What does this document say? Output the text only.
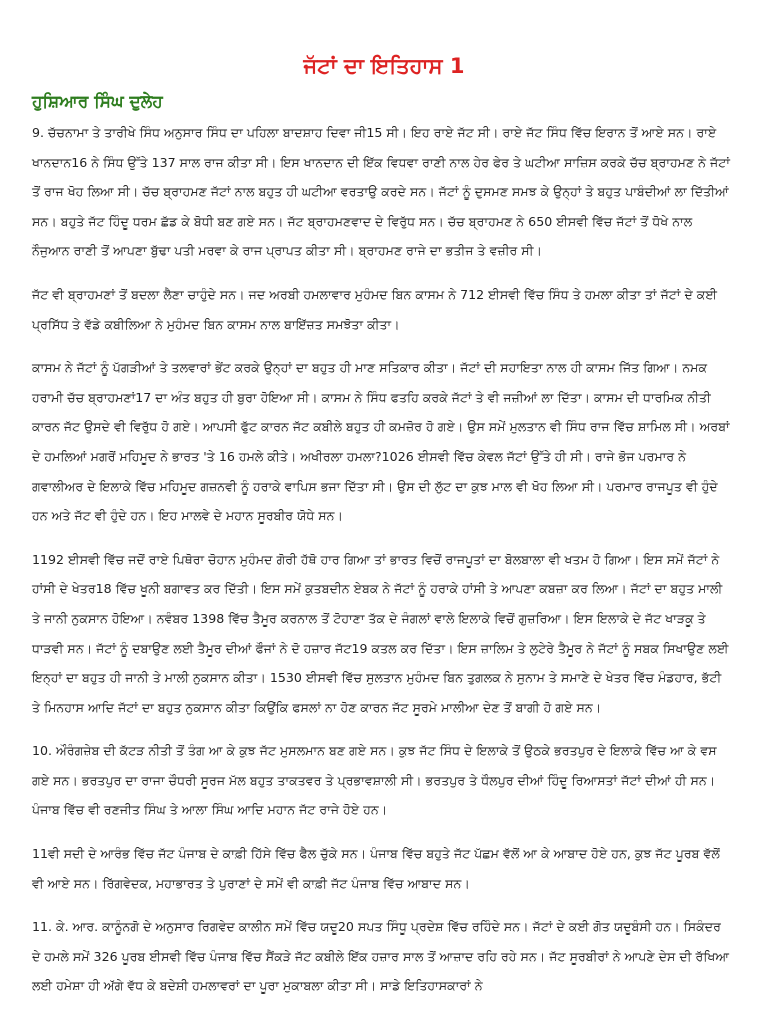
ਜੱਟਾਂ ਦਾ ਇਤਿਹਾਸ 1
ਹੁਸ਼ਿਆਰ ਸਿੰਘ ਦੁਲੇਹ

9. ਚੱਚਨਾਮਾ ਤੇ ਤਾਰੀਖੇ ਸਿੰਧ ਅਨੁਸਾਰ ਸਿੰਧ ਦਾ ਪਹਿਲਾ ਬਾਦਸ਼ਾਹ ਦਿਵਾ ਜੀ15 ਸੀ। ਇਹ ਰਾਏ ਜੱਟ ਸੀ। ਰਾਏ ਜੱਟ ਸਿੰਧ ਵਿੱਚ ਇਰਾਨ ਤੋਂ ਆਏ ਸਨ। ਰਾਏ ਖਾਨਦਾਨ16 ਨੇ ਸਿੰਧ ਉੱਤੇ 137 ਸਾਲ ਰਾਜ ਕੀਤਾ ਸੀ। ਇਸ ਖਾਨਦਾਨ ਦੀ ਇੱਕ ਵਿਧਵਾ ਰਾਣੀ ਨਾਲ ਹੇਰ ਫੇਰ ਤੇ ਘਟੀਆ ਸਾਜ਼ਿਸ ਕਰਕੇ ਚੱਚ ਬ੍ਰਾਹਮਣ ਨੇ ਜੱਟਾਂ ਤੋਂ ਰਾਜ ਖੋਹ ਲਿਆ ਸੀ। ਚੱਚ ਬ੍ਰਾਹਮਣ ਜੱਟਾਂ ਨਾਲ ਬਹੁਤ ਹੀ ਘਟੀਆ ਵਰਤਾਉ ਕਰਦੇ ਸਨ। ਜੱਟਾਂ ਨੂੰ ਦੁਸਮਣ ਸਮਝ ਕੇ ਉਨ੍ਹਾਂ ਤੇ ਬਹੁਤ ਪਾਬੰਦੀਆਂ ਲਾ ਦਿੱਤੀਆਂ ਸਨ। ਬਹੁਤੇ ਜੱਟ ਹਿੰਦੂ ਧਰਮ ਛੱਡ ਕੇ ਬੋਧੀ ਬਣ ਗਏ ਸਨ। ਜੱਟ ਬ੍ਰਾਹਮਣਵਾਦ ਦੇ ਵਿਰੁੱਧ ਸਨ। ਚੱਚ ਬ੍ਰਾਹਮਣ ਨੇ 650 ਈਸਵੀ ਵਿੱਚ ਜੱਟਾਂ ਤੋਂ ਧੋਖੇ ਨਾਲ ਨੌਜੁਆਨ ਰਾਣੀ ਤੋਂ ਆਪਣਾ ਬੁੱਢਾ ਪਤੀ ਮਰਵਾ ਕੇ ਰਾਜ ਪ੍ਰਾਪਤ ਕੀਤਾ ਸੀ। ਬ੍ਰਾਹਮਣ ਰਾਜੇ ਦਾ ਭਤੀਜ ਤੇ ਵਜ਼ੀਰ ਸੀ।

ਜੱਟ ਵੀ ਬ੍ਰਾਹਮਣਾਂ ਤੋਂ ਬਦਲਾ ਲੈਣਾ ਚਾਹੁੰਦੇ ਸਨ। ਜਦ ਅਰਬੀ ਹਮਲਾਵਾਰ ਮੁਹੰਮਦ ਬਿਨ ਕਾਸਮ ਨੇ 712 ਈਸਵੀ ਵਿੱਚ ਸਿੰਧ ਤੇ ਹਮਲਾ ਕੀਤਾ ਤਾਂ ਜੱਟਾਂ ਦੇ ਕਈ ਪ੍ਰਸਿੱਧ ਤੇ ਵੱਡੇ ਕਬੀਲਿਆ ਨੇ ਮੁਹੰਮਦ ਬਿਨ ਕਾਸਮ ਨਾਲ ਬਾਇੱਜ਼ਤ ਸਮਝੋਤਾ ਕੀਤਾ।

ਕਾਸਮ ਨੇ ਜੱਟਾਂ ਨੂੰ ਪੱਗੜੀਆਂ ਤੇ ਤਲਵਾਰਾਂ ਭੇਂਟ ਕਰਕੇ ਉਨ੍ਹਾਂ ਦਾ ਬਹੁਤ ਹੀ ਮਾਣ ਸਤਿਕਾਰ ਕੀਤਾ। ਜੱਟਾਂ ਦੀ ਸਹਾਇਤਾ ਨਾਲ ਹੀ ਕਾਸਮ ਜਿੱਤ ਗਿਆ। ਨਮਕ ਹਰਾਮੀ ਚੱਚ ਬ੍ਰਾਹਮਣਾਂ17 ਦਾ ਅੰਤ ਬਹੁਤ ਹੀ ਬੁਰਾ ਹੋਇਆ ਸੀ। ਕਾਸਮ ਨੇ ਸਿੰਧ ਫਤਹਿ ਕਰਕੇ ਜੱਟਾਂ ਤੇ ਵੀ ਜਜ਼ੀਆਂ ਲਾ ਦਿੱਤਾ। ਕਾਸਮ ਦੀ ਧਾਰਮਿਕ ਨੀਤੀ ਕਾਰਨ ਜੱਟ ਉਸਦੇ ਵੀ ਵਿਰੁੱਧ ਹੋ ਗਏ। ਆਪਸੀ ਫੁੱਟ ਕਾਰਨ ਜੱਟ ਕਬੀਲੇ ਬਹੁਤ ਹੀ ਕਮਜ਼ੋਰ ਹੋ ਗਏ। ਉਸ ਸਮੇਂ ਮੁਲਤਾਨ ਵੀ ਸਿੰਧ ਰਾਜ ਵਿੱਚ ਸ਼ਾਮਿਲ ਸੀ। ਅਰਬਾਂ ਦੇ ਹਮਲਿਆਂ ਮਗਰੋਂ ਮਹਿਮੂਦ ਨੇ ਭਾਰਤ 'ਤੇ 16 ਹਮਲੇ ਕੀਤੇ। ਅਖੀਰਲਾ ਹਮਲਾ?1026 ਈਸਵੀ ਵਿੱਚ ਕੇਵਲ ਜੱਟਾਂ ਉੱਤੇ ਹੀ ਸੀ। ਰਾਜੇ ਭੋਜ ਪਰਮਾਰ ਨੇ ਗਵਾਲੀਅਰ ਦੇ ਇਲਾਕੇ ਵਿੱਚ ਮਹਿਮੂਦ ਗਜ਼ਨਵੀ ਨੂੰ ਹਰਾਕੇ ਵਾਪਿਸ ਭਜਾ ਦਿੱਤਾ ਸੀ। ਉਸ ਦੀ ਲੁੱਟ ਦਾ ਕੁਝ ਮਾਲ ਵੀ ਖੋਹ ਲਿਆ ਸੀ। ਪਰਮਾਰ ਰਾਜਪੂਤ ਵੀ ਹੁੰਦੇ ਹਨ ਅਤੇ ਜੱਟ ਵੀ ਹੁੰਦੇ ਹਨ। ਇਹ ਮਾਲਵੇ ਦੇ ਮਹਾਨ ਸੂਰਬੀਰ ਯੋਧੇ ਸਨ।

1192 ਈਸਵੀ ਵਿੱਚ ਜਦੋਂ ਰਾਏ ਪਿਥੋਰਾ ਚੋਹਾਨ ਮੁਹੰਮਦ ਗੋਰੀ ਹੱਥੋ ਹਾਰ ਗਿਆ ਤਾਂ ਭਾਰਤ ਵਿਚੋਂ ਰਾਜਪੂਤਾਂ ਦਾ ਬੋਲਬਾਲਾ ਵੀ ਖਤਮ ਹੋ ਗਿਆ। ਇਸ ਸਮੇਂ ਜੱਟਾਂ ਨੇ ਹਾਂਸੀ ਦੇ ਖੇਤਰ18 ਵਿੱਚ ਖੂਨੀ ਬਗਾਵਤ ਕਰ ਦਿੱਤੀ। ਇਸ ਸਮੇਂ ਕੁਤਬਦੀਨ ਏਬਕ ਨੇ ਜੱਟਾਂ ਨੂੰ ਹਰਾਕੇ ਹਾਂਸੀ ਤੇ ਆਪਣਾ ਕਬਜ਼ਾ ਕਰ ਲਿਆ। ਜੱਟਾਂ ਦਾ ਬਹੁਤ ਮਾਲੀ ਤੇ ਜਾਨੀ ਨੁਕਸਾਨ ਹੋਇਆ। ਨਵੰਬਰ 1398 ਵਿੱਚ ਤੈਮੂਰ ਕਰਨਾਲ ਤੋਂ ਟੋਹਾਣਾ ਤੱਕ ਦੇ ਜੰਗਲਾਂ ਵਾਲੇ ਇਲਾਕੇ ਵਿਚੋਂ ਗੁਜ਼ਰਿਆ। ਇਸ ਇਲਾਕੇ ਦੇ ਜੱਟ ਖਾੜਕੂ ਤੇ ਧਾੜਵੀ ਸਨ। ਜੱਟਾਂ ਨੂੰ ਦਬਾਉਣ ਲਈ ਤੈਮੂਰ ਦੀਆਂ ਫੌਜਾਂ ਨੇ ਦੋ ਹਜ਼ਾਰ ਜੱਟ19 ਕਤਲ ਕਰ ਦਿੱਤਾ। ਇਸ ਜ਼ਾਲਿਮ ਤੇ ਲੁਟੇਰੇ ਤੈਮੂਰ ਨੇ ਜੱਟਾਂ ਨੂੰ ਸਬਕ ਸਿਖਾਉਣ ਲਈ ਇਨ੍ਹਾਂ ਦਾ ਬਹੁਤ ਹੀ ਜਾਨੀ ਤੇ ਮਾਲੀ ਨੁਕਸਾਨ ਕੀਤਾ। 1530 ਈਸਵੀ ਵਿੱਚ ਸੁਲਤਾਨ ਮੁਹੰਮਦ ਬਿਨ ਤੁਗਲਕ ਨੇ ਸੁਨਾਮ ਤੇ ਸਮਾਣੇ ਦੇ ਖੇਤਰ ਵਿੱਚ ਮੰਡਹਾਰ, ਭੱਟੀ ਤੇ ਮਿਨਹਾਸ ਆਦਿ ਜੱਟਾਂ ਦਾ ਬਹੁਤ ਨੁਕਸਾਨ ਕੀਤਾ ਕਿਉਂਕਿ ਫਸਲਾਂ ਨਾ ਹੋਣ ਕਾਰਨ ਜੱਟ ਸੂਰਮੇ ਮਾਲੀਆ ਦੇਣ ਤੋਂ ਬਾਗੀ ਹੋ ਗਏ ਸਨ।

10. ਔਰੰਗਜ਼ੇਬ ਦੀ ਕੱਟੜ ਨੀਤੀ ਤੋਂ ਤੰਗ ਆ ਕੇ ਕੁਝ ਜੱਟ ਮੁਸਲਮਾਨ ਬਣ ਗਏ ਸਨ। ਕੁਝ ਜੱਟ ਸਿੰਧ ਦੇ ਇਲਾਕੇ ਤੋਂ ਉਠਕੇ ਭਰਤਪੁਰ ਦੇ ਇਲਾਕੇ ਵਿੱਚ ਆ ਕੇ ਵਸ ਗਏ ਸਨ। ਭਰਤਪੁਰ ਦਾ ਰਾਜਾ ਚੌਧਰੀ ਸੂਰਜ ਮੱਲ ਬਹੁਤ ਤਾਕਤਵਰ ਤੇ ਪ੍ਰਭਾਵਸ਼ਾਲੀ ਸੀ। ਭਰਤਪੁਰ ਤੇ ਧੌਲਪੁਰ ਦੀਆਂ ਹਿੰਦੂ ਰਿਆਸਤਾਂ ਜੱਟਾਂ ਦੀਆਂ ਹੀ ਸਨ। ਪੰਜਾਬ ਵਿੱਚ ਵੀ ਰਣਜੀਤ ਸਿੰਘ ਤੇ ਆਲਾ ਸਿੰਘ ਆਦਿ ਮਹਾਨ ਜੱਟ ਰਾਜੇ ਹੋਏ ਹਨ।

11ਵੀ ਸਦੀ ਦੇ ਆਰੰਭ ਵਿੱਚ ਜੱਟ ਪੰਜਾਬ ਦੇ ਕਾਫ਼ੀ ਹਿੱਸੇ ਵਿੱਚ ਫੈਲ ਚੁੱਕੇ ਸਨ। ਪੰਜਾਬ ਵਿੱਚ ਬਹੁਤੇ ਜੱਟ ਪੱਛਮ ਵੱਲੋਂ ਆ ਕੇ ਆਬਾਦ ਹੋਏ ਹਨ, ਕੁਝ ਜੱਟ ਪੂਰਬ ਵੱਲੋਂ ਵੀ ਆਏ ਸਨ। ਰਿੱਗਵੇਦਕ, ਮਹਾਭਾਰਤ ਤੇ ਪੁਰਾਣਾਂ ਦੇ ਸਮੇਂ ਵੀ ਕਾਫ਼ੀ ਜੱਟ ਪੰਜਾਬ ਵਿੱਚ ਆਬਾਦ ਸਨ।

11. ਕੇ. ਆਰ. ਕਾਨੂੰਨਗੋ ਦੇ ਅਨੁਸਾਰ ਰਿਗਵੇਦ ਕਾਲੀਨ ਸਮੇਂ ਵਿੱਚ ਯਦੂ20 ਸਪਤ ਸਿੰਧੂ ਪ੍ਰਦੇਸ਼ ਵਿੱਚ ਰਹਿੰਦੇ ਸਨ। ਜੱਟਾਂ ਦੇ ਕਈ ਗੋਤ ਯਦੂਬੰਸੀ ਹਨ। ਸਿਕੰਦਰ ਦੇ ਹਮਲੇ ਸਮੇਂ 326 ਪੂਰਬ ਈਸਵੀ ਵਿੱਚ ਪੰਜਾਬ ਵਿੱਚ ਸੈਂਕੜੇ ਜੱਟ ਕਬੀਲੇ ਇੱਕ ਹਜ਼ਾਰ ਸਾਲ ਤੋਂ ਆਜ਼ਾਦ ਰਹਿ ਰਹੇ ਸਨ। ਜੱਟ ਸੂਰਬੀਰਾਂ ਨੇ ਆਪਣੇ ਦੇਸ ਦੀ ਰੱਖਿਆ ਲਈ ਹਮੇਸ਼ਾ ਹੀ ਅੱਗੇ ਵੱਧ ਕੇ ਬਦੇਸ਼ੀ ਹਮਲਾਵਰਾਂ ਦਾ ਪੂਰਾ ਮੁਕਾਬਲਾ ਕੀਤਾ ਸੀ। ਸਾਡੇ ਇਤਿਹਾਸਕਾਰਾਂ ਨੇ
